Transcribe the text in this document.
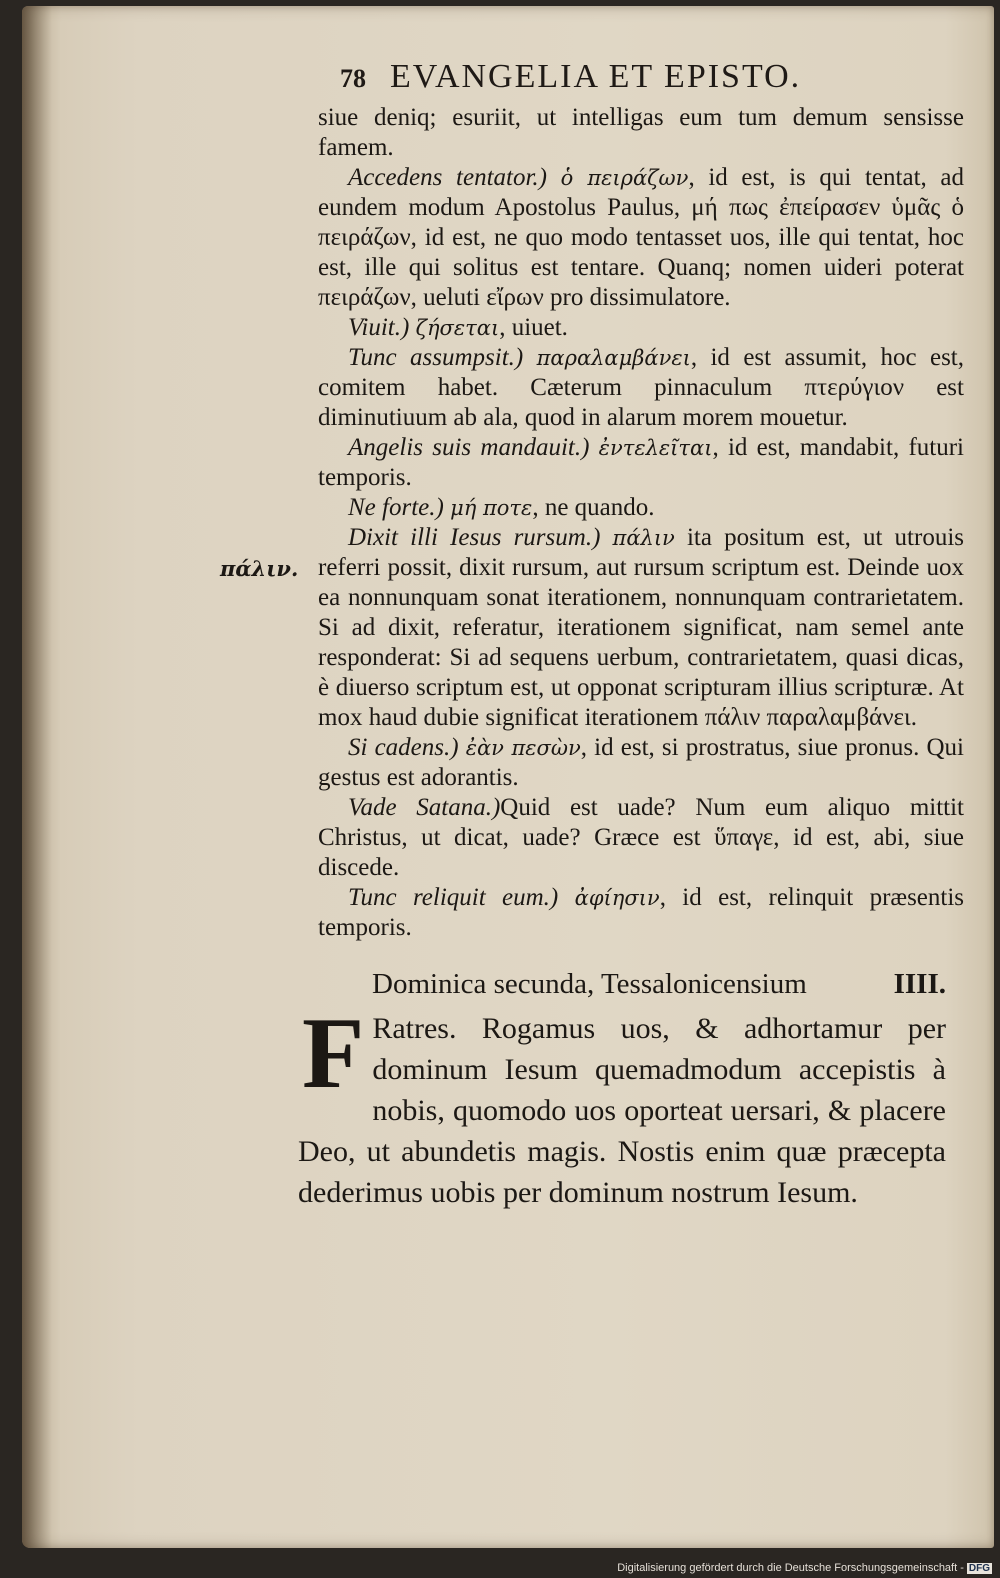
78 EVANGELIA ET EPISTO.
πάλιν.

siue deniq; esuriit, ut intelligas eum tum demum sensisse famem.

Accedens tentator.) ὁ πειράζων, id est, is qui tentat, ad eundem modum Apostolus Paulus, μή πως ἐπείρασεν ὑμᾶς ὁ πειράζων, id est, ne quo modo tentasset uos, ille qui tentat, hoc est, ille qui solitus est tentare. Quanq; nomen uideri poterat πειράζων, ueluti εἴρων pro dissimulatore.

Viuit.) ζήσεται, uiuet.

Tunc assumpsit.) παραλαμβάνει, id est assumit, hoc est, comitem habet. Cæterum pinnaculum πτερύγιον est diminutiuum ab ala, quod in alarum morem mouetur.

Angelis suis mandauit.) ἐντελεῖται, id est, mandabit, futuri temporis.

Ne forte.) μή ποτε, ne quando.

Dixit illi Iesus rursum.) πάλιν ita positum est, ut utrouis referri possit, dixit rursum, aut rursum scriptum est. Deinde uox ea nonnunquam sonat iterationem, nonnunquam contrarietatem. Si ad dixit, referatur, iterationem significat, nam semel ante responderat: Si ad sequens uerbum, contrarietatem, quasi dicas, è diuerso scriptum est, ut opponat scripturam illius scripturæ. At mox haud dubie significat iterationem πάλιν παραλαμβάνει.

Si cadens.) ἐὰν πεσὼν, id est, si prostratus, siue pronus. Qui gestus est adorantis.

Vade Satana.)Quid est uade? Num eum aliquo mittit Christus, ut dicat, uade? Græce est ὕπαγε, id est, abi, siue discede.

Tunc reliquit eum.) ἀφίησιν, id est, relinquit præsentis temporis.

Dominica secunda, Tessalonicensium	IIII.
F Ratres. Rogamus uos, & adhortamur per dominum Iesum quemadmodum accepistis à nobis, quomodo uos oporteat uersari, & placere Deo, ut abundetis magis. Nostis enim quæ præcepta dederimus uobis per dominum nostrum Iesum.
Digitalisierung gefördert durch die Deutsche Forschungsgemeinschaft - DFG
